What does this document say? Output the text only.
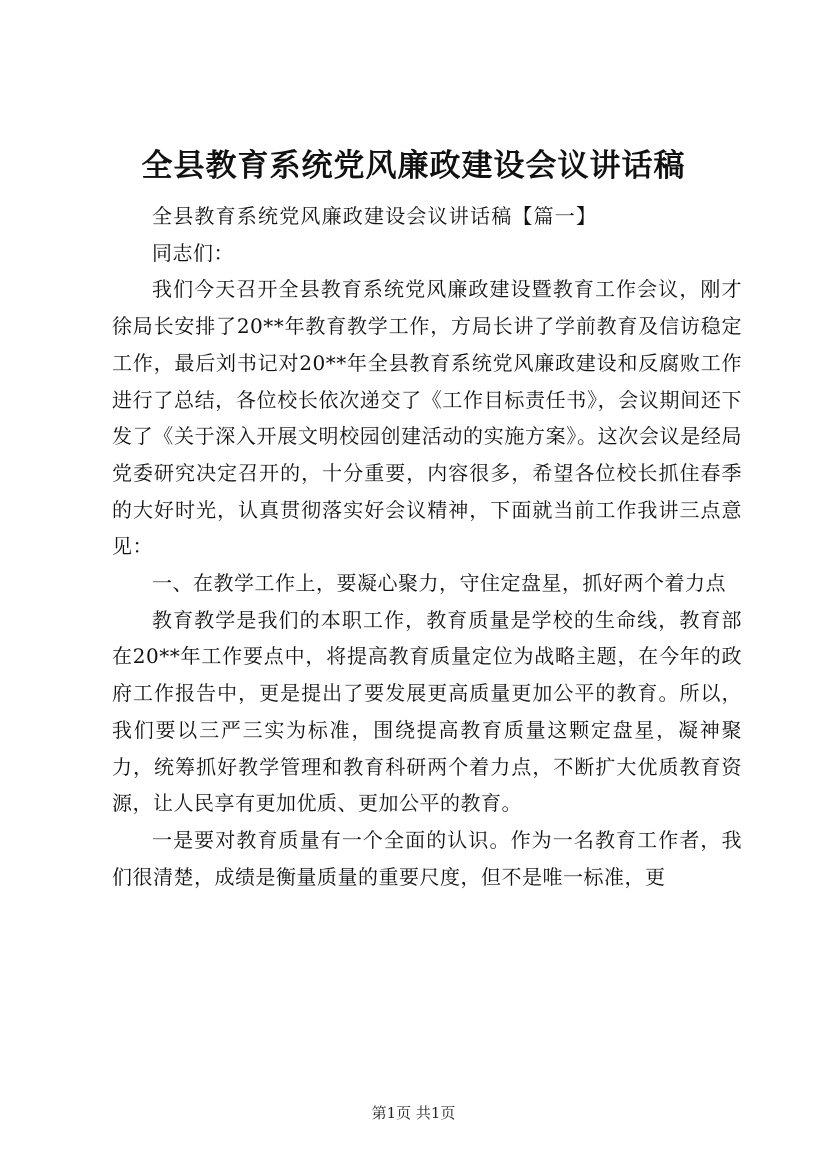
全县教育系统党风廉政建设会议讲话稿

全县教育系统党风廉政建设会议讲话稿【篇一】

同志们：

我们今天召开全县教育系统党风廉政建设暨教育工作会议，刚才徐局长安排了20**年教育教学工作，方局长讲了学前教育及信访稳定工作，最后刘书记对20**年全县教育系统党风廉政建设和反腐败工作进行了总结，各位校长依次递交了《工作目标责任书》，会议期间还下发了《关于深入开展文明校园创建活动的实施方案》。这次会议是经局党委研究决定召开的，十分重要，内容很多，希望各位校长抓住春季的大好时光，认真贯彻落实好会议精神，下面就当前工作我讲三点意见：

一、在教学工作上，要凝心聚力，守住定盘星，抓好两个着力点

教育教学是我们的本职工作，教育质量是学校的生命线，教育部在20**年工作要点中，将提高教育质量定位为战略主题，在今年的政府工作报告中，更是提出了要发展更高质量更加公平的教育。所以，我们要以三严三实为标准，围绕提高教育质量这颗定盘星，凝神聚力，统筹抓好教学管理和教育科研两个着力点，不断扩大优质教育资源，让人民享有更加优质、更加公平的教育。

一是要对教育质量有一个全面的认识。作为一名教育工作者，我们很清楚，成绩是衡量质量的重要尺度，但不是唯一标准，更

第1页 共1页
